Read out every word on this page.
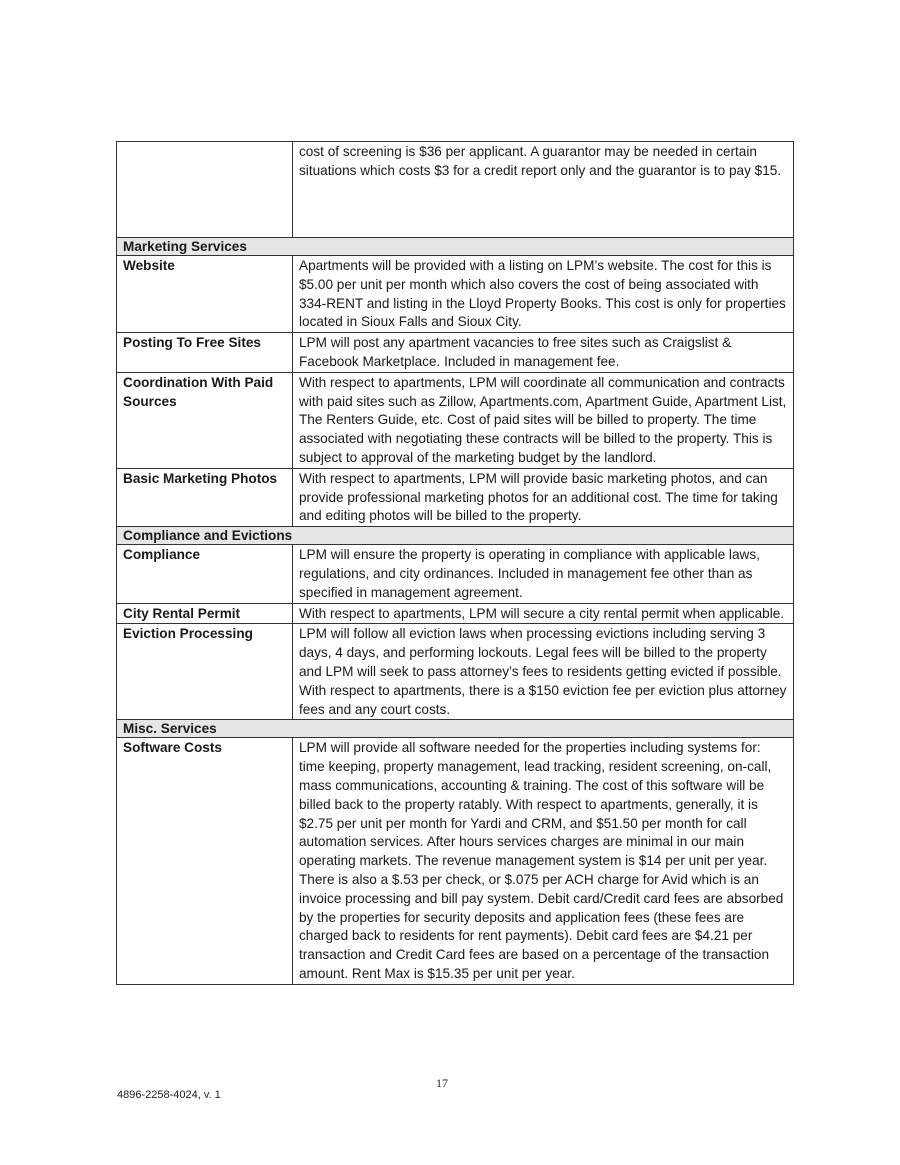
	cost of screening is $36 per applicant. A guarantor may be needed in certain situations which costs $3 for a credit report only and the guarantor is to pay $15.
Marketing Services	
Website	Apartments will be provided with a listing on LPM’s website. The cost for this is $5.00 per unit per month which also covers the cost of being associated with 334-RENT and listing in the Lloyd Property Books. This cost is only for properties located in Sioux Falls and Sioux City.
Posting To Free Sites	LPM will post any apartment vacancies to free sites such as Craigslist & Facebook Marketplace. Included in management fee.
Coordination With Paid Sources	With respect to apartments, LPM will coordinate all communication and contracts with paid sites such as Zillow, Apartments.com, Apartment Guide, Apartment List, The Renters Guide, etc. Cost of paid sites will be billed to property. The time associated with negotiating these contracts will be billed to the property. This is subject to approval of the marketing budget by the landlord.
Basic Marketing Photos	With respect to apartments, LPM will provide basic marketing photos, and can provide professional marketing photos for an additional cost. The time for taking and editing photos will be billed to the property.
Compliance and Evictions	
Compliance	LPM will ensure the property is operating in compliance with applicable laws, regulations, and city ordinances. Included in management fee other than as specified in management agreement.
City Rental Permit	With respect to apartments, LPM will secure a city rental permit when applicable.
Eviction Processing	LPM will follow all eviction laws when processing evictions including serving 3 days, 4 days, and performing lockouts. Legal fees will be billed to the property and LPM will seek to pass attorney’s fees to residents getting evicted if possible. With respect to apartments, there is a $150 eviction fee per eviction plus attorney fees and any court costs.
Misc. Services	
Software Costs	LPM will provide all software needed for the properties including systems for: time keeping, property management, lead tracking, resident screening, on-call, mass communications, accounting & training. The cost of this software will be billed back to the property ratably. With respect to apartments, generally, it is $2.75 per unit per month for Yardi and CRM, and $51.50 per month for call automation services. After hours services charges are minimal in our main operating markets. The revenue management system is $14 per unit per year. There is also a $.53 per check, or $.075 per ACH charge for Avid which is an invoice processing and bill pay system. Debit card/Credit card fees are absorbed by the properties for security deposits and application fees (these fees are charged back to residents for rent payments). Debit card fees are $4.21 per transaction and Credit Card fees are based on a percentage of the transaction amount. Rent Max is $15.35 per unit per year.
17
4896-2258-4024, v. 1
